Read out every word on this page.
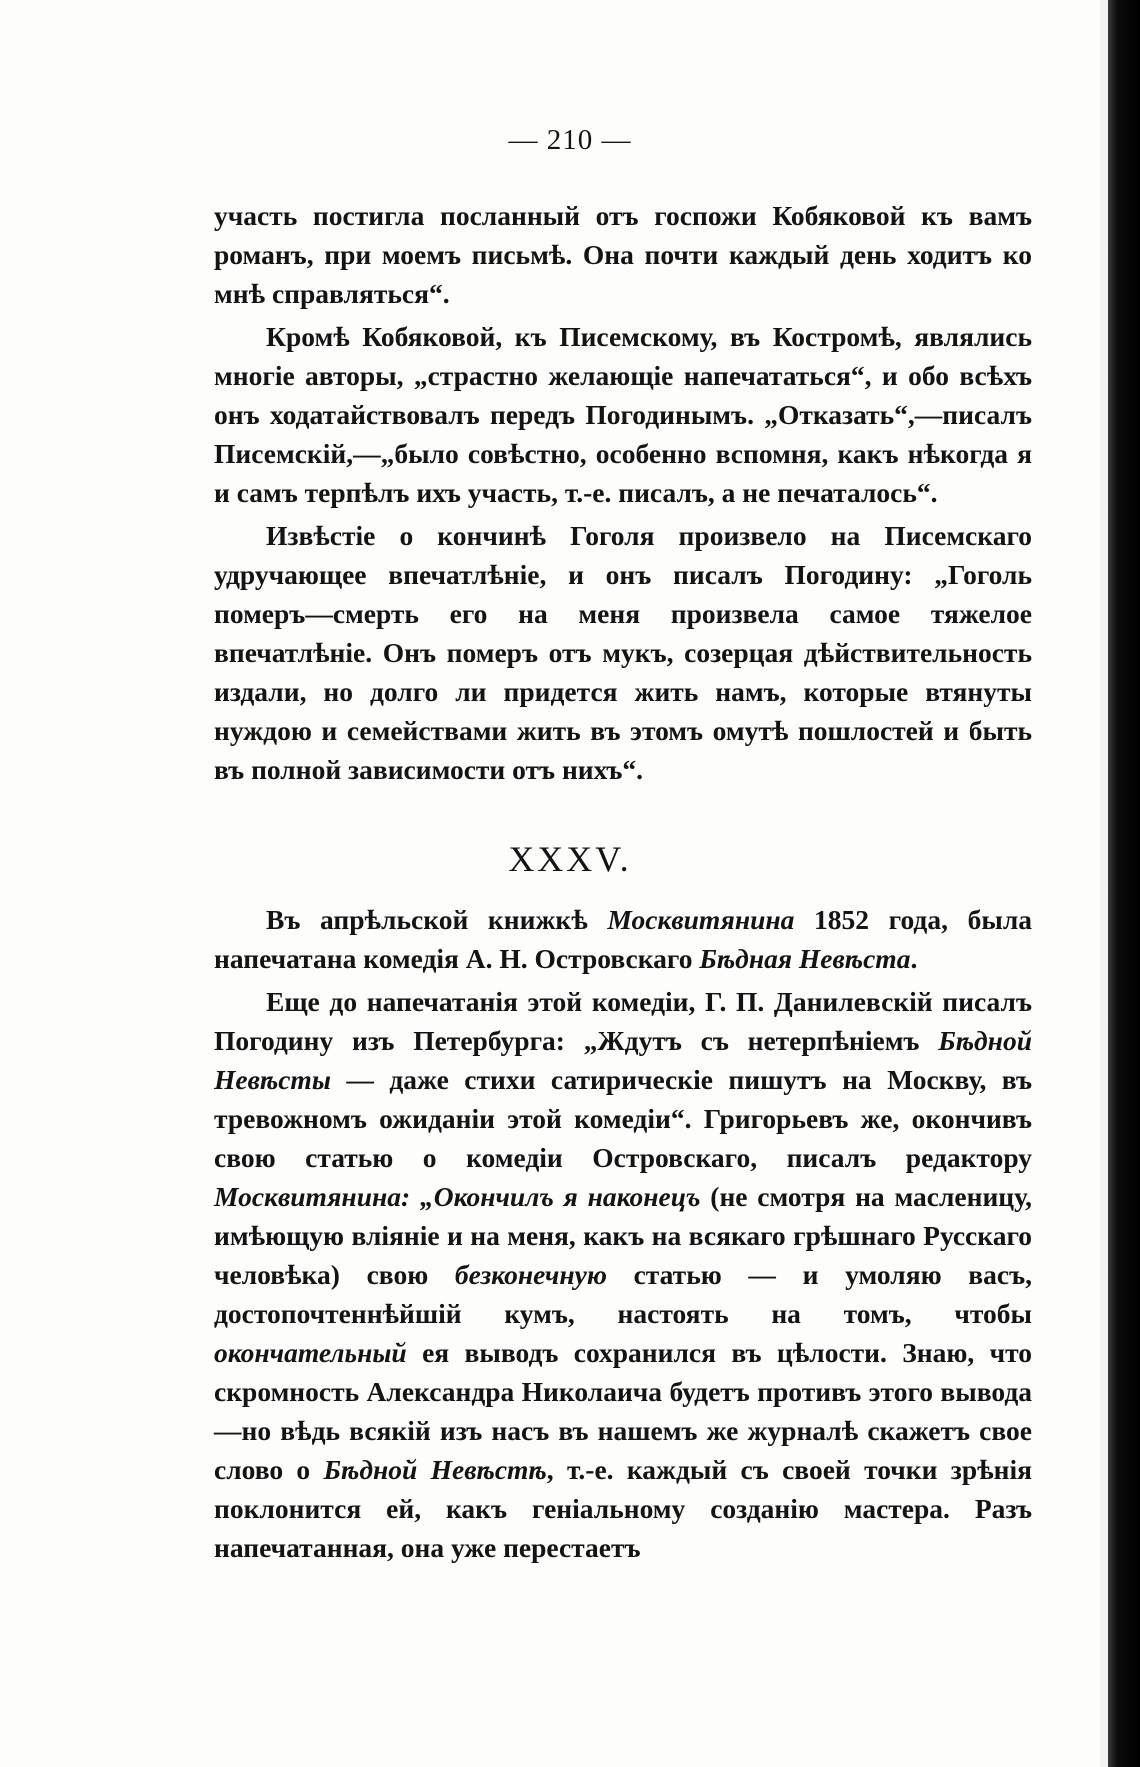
— 210 —

участь постигла посланный отъ госпожи Кобяковой къ вамъ романъ, при моемъ письмѣ. Она почти каждый день ходитъ ко мнѣ справляться“.

Кромѣ Кобяковой, къ Писемскому, въ Костромѣ, являлись многіе авторы, „страстно желающіе напечататься“, и обо всѣхъ онъ ходатайствовалъ передъ Погодинымъ. „Отказать“,—писалъ Писемскій,—„было совѣстно, особенно вспомня, какъ нѣкогда я и самъ терпѣлъ ихъ участь, т.-е. писалъ, а не печаталось“.

Извѣстіе о кончинѣ Гоголя произвело на Писемскаго удручающее впечатлѣніе, и онъ писалъ Погодину: „Гоголь померъ—смерть его на меня произвела самое тяжелое впечатлѣніе. Онъ померъ отъ мукъ, созерцая дѣйствительность издали, но долго ли придется жить намъ, которые втянуты нуждою и семействами жить въ этомъ омутѣ пошлостей и быть въ полной зависимости отъ нихъ“.

XXXV.

Въ апрѣльской книжкѣ Москвитянина 1852 года, была напечатана комедія А. Н. Островскаго Бѣдная Невѣста.

Еще до напечатанія этой комедіи, Г. П. Данилевскій писалъ Погодину изъ Петербурга: „Ждутъ съ нетерпѣніемъ Бѣдной Невѣсты — даже стихи сатирическіе пишутъ на Москву, въ тревожномъ ожиданіи этой комедіи“. Григорьевъ же, окончивъ свою статью о комедіи Островскаго, писалъ редактору Москвитянина: „Окончилъ я наконецъ (не смотря на масленицу, имѣющую вліяніе и на меня, какъ на всякаго грѣшнаго Русскаго человѣка) свою безконечную статью — и умоляю васъ, достопочтеннѣйшій кумъ, настоять на томъ, чтобы окончательный ея выводъ сохранился въ цѣлости. Знаю, что скромность Александра Николаича будетъ противъ этого вывода—но вѣдь всякій изъ насъ въ нашемъ же журналѣ скажетъ свое слово о Бѣдной Невѣстѣ, т.-е. каждый съ своей точки зрѣнія поклонится ей, какъ геніальному созданію мастера. Разъ напечатанная, она уже перестаетъ
